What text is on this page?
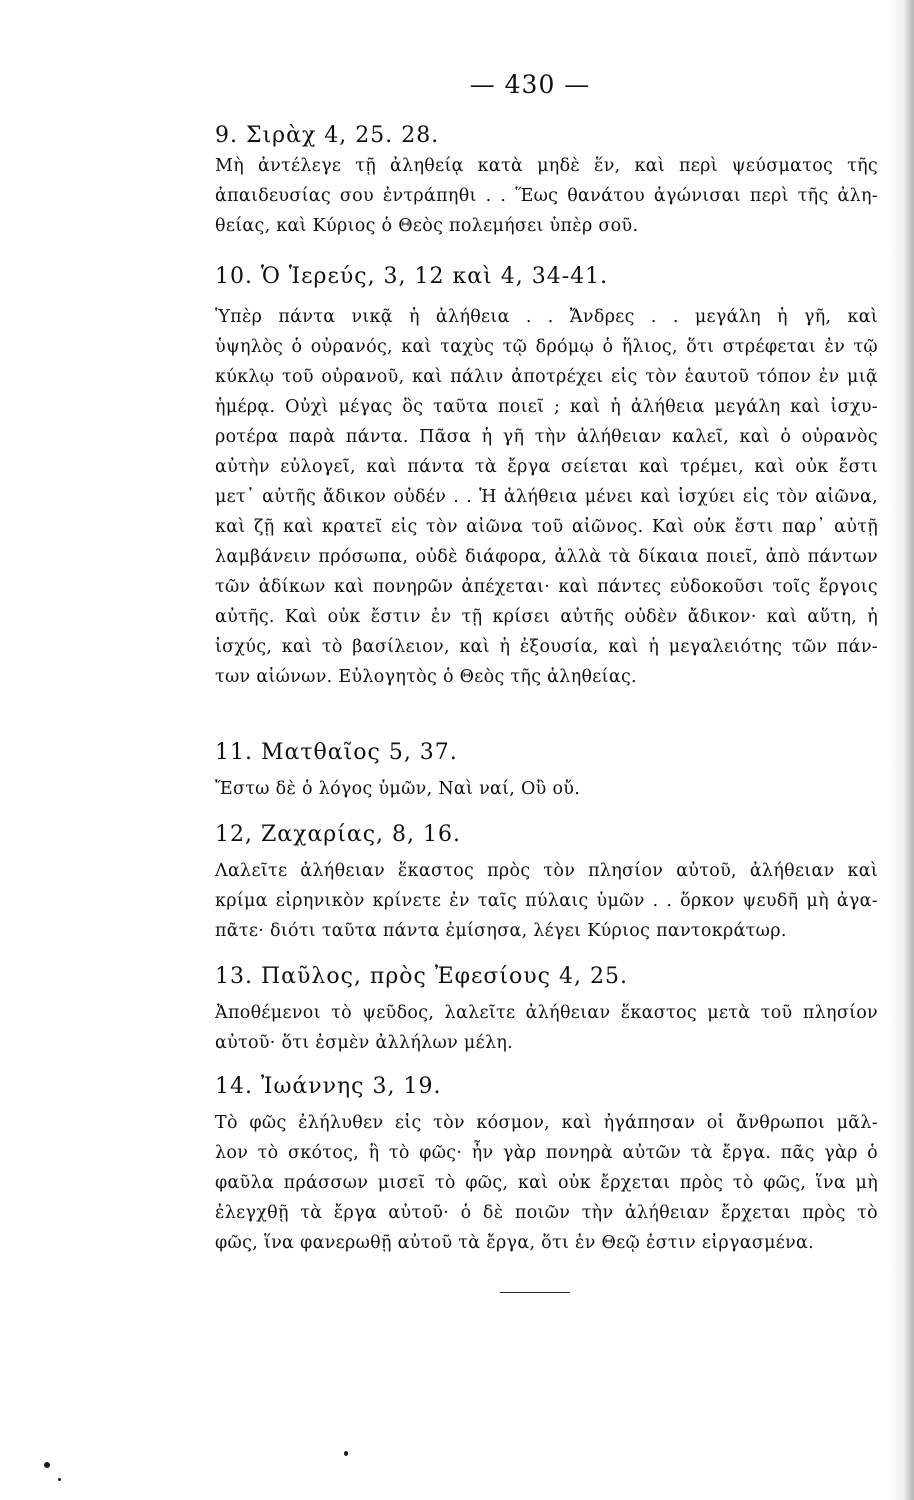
— 430 —
9. Σιρὰχ 4, 25. 28.
Μὴ ἀντέλεγε τῇ ἀληθείᾳ κατὰ μηδὲ ἕν, καὶ περὶ ψεύσματος τῆς
ἀπαιδευσίας σου ἐντράπηθι . . Ἕως θανάτου ἀγώνισαι περὶ τῆς ἀλη-
θείας, καὶ Κύριος ὁ Θεὸς πολεμήσει ὑπὲρ σοῦ.
10. Ὁ Ἱερεύς, 3, 12 καὶ 4, 34-41.
Ὑπὲρ πάντα νικᾷ ἡ ἀλήθεια . . Ἄνδρες . . μεγάλη ἡ γῆ, καὶ
ὑψηλὸς ὁ οὐρανός, καὶ ταχὺς τῷ δρόμῳ ὁ ἥλιος, ὅτι στρέφεται ἐν τῷ
κύκλῳ τοῦ οὐρανοῦ, καὶ πάλιν ἀποτρέχει εἰς τὸν ἑαυτοῦ τόπον ἐν μιᾷ
ἡμέρᾳ. Οὐχὶ μέγας ὃς ταῦτα ποιεῖ ; καὶ ἡ ἀλήθεια μεγάλη καὶ ἰσχυ-
ροτέρα παρὰ πάντα. Πᾶσα ἡ γῆ τὴν ἀλήθειαν καλεῖ, καὶ ὁ οὐρανὸς
αὐτὴν εὐλογεῖ, καὶ πάντα τὰ ἔργα σείεται καὶ τρέμει, καὶ οὐκ ἔστι
μετ᾽ αὐτῆς ἄδικον οὐδέν . . Ἡ ἀλήθεια μένει καὶ ἰσχύει εἰς τὸν αἰῶνα,
καὶ ζῇ καὶ κρατεῖ εἰς τὸν αἰῶνα τοῦ αἰῶνος. Καὶ οὐκ ἔστι παρ᾽ αὐτῇ
λαμβάνειν πρόσωπα, οὐδὲ διάφορα, ἀλλὰ τὰ δίκαια ποιεῖ, ἀπὸ πάντων
τῶν ἀδίκων καὶ πονηρῶν ἀπέχεται· καὶ πάντες εὐδοκοῦσι τοῖς ἔργοις
αὐτῆς. Καὶ οὐκ ἔστιν ἐν τῇ κρίσει αὐτῆς οὐδὲν ἄδικον· καὶ αὕτη, ἡ
ἰσχύς, καὶ τὸ βασίλειον, καὶ ἡ ἐξουσία, καὶ ἡ μεγαλειότης τῶν πάν-
των αἰώνων. Εὐλογητὸς ὁ Θεὸς τῆς ἀληθείας.
11. Ματθαῖος 5, 37.
Ἔστω δὲ ὁ λόγος ὑμῶν, Ναὶ ναί, Οὒ οὔ.
12, Ζαχαρίας, 8, 16.
Λαλεῖτε ἀλήθειαν ἕκαστος πρὸς τὸν πλησίον αὐτοῦ, ἀλήθειαν καὶ
κρίμα εἰρηνικὸν κρίνετε ἐν ταῖς πύλαις ὑμῶν . . ὅρκον ψευδῆ μὴ ἀγα-
πᾶτε· διότι ταῦτα πάντα ἐμίσησα, λέγει Κύριος παντοκράτωρ.
13. Παῦλος, πρὸς Ἐφεσίους 4, 25.
Ἀποθέμενοι τὸ ψεῦδος, λαλεῖτε ἀλήθειαν ἕκαστος μετὰ τοῦ πλησίον
αὐτοῦ· ὅτι ἐσμὲν ἀλλήλων μέλη.
14. Ἰωάννης 3, 19.
Τὸ φῶς ἐλήλυθεν εἰς τὸν κόσμον, καὶ ἠγάπησαν οἱ ἄνθρωποι μᾶλ-
λον τὸ σκότος, ἢ τὸ φῶς· ἦν γὰρ πονηρὰ αὐτῶν τὰ ἔργα. πᾶς γὰρ ὁ
φαῦλα πράσσων μισεῖ τὸ φῶς, καὶ οὐκ ἔρχεται πρὸς τὸ φῶς, ἵνα μὴ
ἐλεγχθῇ τὰ ἔργα αὐτοῦ· ὁ δὲ ποιῶν τὴν ἀλήθειαν ἔρχεται πρὸς τὸ
φῶς, ἵνα φανερωθῇ αὐτοῦ τὰ ἔργα, ὅτι ἐν Θεῷ ἐστιν εἰργασμένα.
